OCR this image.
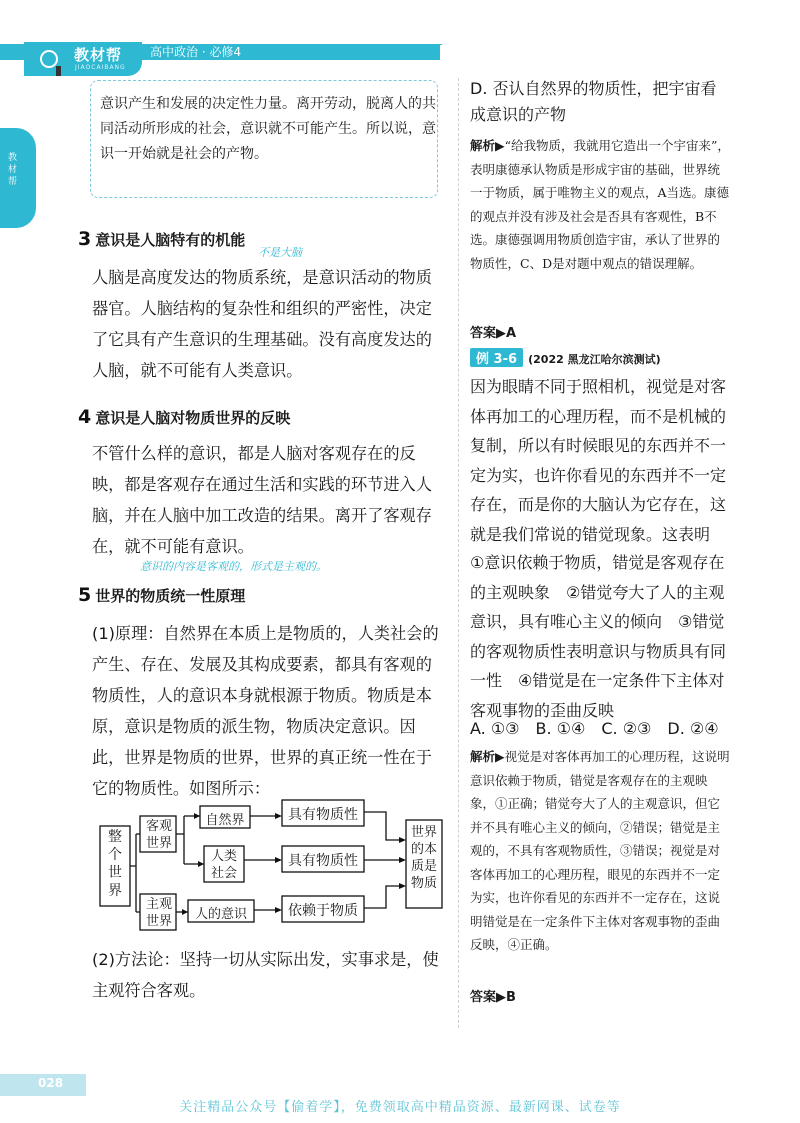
教材帮
JIAOCAIBANG
高中政治 · 必修4
教材帮
意识产生和发展的决定性力量。离开劳动，脱离人的共同活动所形成的社会，意识就不可能产生。所以说，意识一开始就是社会的产物。
3 意识是人脑特有的机能
不是大脑
人脑是高度发达的物质系统，是意识活动的物质器官。人脑结构的复杂性和组织的严密性，决定了它具有产生意识的生理基础。没有高度发达的人脑，就不可能有人类意识。
4 意识是人脑对物质世界的反映
不管什么样的意识，都是人脑对客观存在的反映，都是客观存在通过生活和实践的环节进入人脑，并在人脑中加工改造的结果。离开了客观存在，就不可能有意识。
意识的内容是客观的，形式是主观的。
5 世界的物质统一性原理
(1)原理：自然界在本质上是物质的，人类社会的产生、存在、发展及其构成要素，都具有客观的物质性，人的意识本身就根源于物质。物质是本原，意识是物质的派生物，物质决定意识。因此，世界是物质的世界，世界的真正统一性在于它的物质性。如图所示：
整个世界
客观世界
主观世界
自然界
人类社会
人的意识
具有物质性
具有物质性
依赖于物质
世界的本质是物质
(2)方法论：坚持一切从实际出发，实事求是，使主观符合客观。
D. 否认自然界的物质性，把宇宙看成意识的产物
解析▶“给我物质，我就用它造出一个宇宙来”，表明康德承认物质是形成宇宙的基础，世界统一于物质，属于唯物主义的观点，A当选。康德的观点并没有涉及社会是否具有客观性，B不选。康德强调用物质创造宇宙，承认了世界的物质性，C、D是对题中观点的错误理解。
答案▶A
例 3-6 (2022 黑龙江哈尔滨测试)
因为眼睛不同于照相机，视觉是对客体再加工的心理历程，而不是机械的复制，所以有时候眼见的东西并不一定为实，也许你看见的东西并不一定存在，而是你的大脑认为它存在，这就是我们常说的错觉现象。这表明
①意识依赖于物质，错觉是客观存在的主观映象　②错觉夸大了人的主观意识，具有唯心主义的倾向　③错觉的客观物质性表明意识与物质具有同一性　④错觉是在一定条件下主体对客观事物的歪曲反映
A. ①③　B. ①④　C. ②③　D. ②④
解析▶视觉是对客体再加工的心理历程，这说明意识依赖于物质，错觉是客观存在的主观映象，①正确；错觉夸大了人的主观意识，但它并不具有唯心主义的倾向，②错误；错觉是主观的，不具有客观物质性，③错误；视觉是对客体再加工的心理历程，眼见的东西并不一定为实，也许你看见的东西并不一定存在，这说明错觉是在一定条件下主体对客观事物的歪曲反映，④正确。
答案▶B
028
关注精品公众号【偷着学】，免费领取高中精品资源、最新网课、试卷等
